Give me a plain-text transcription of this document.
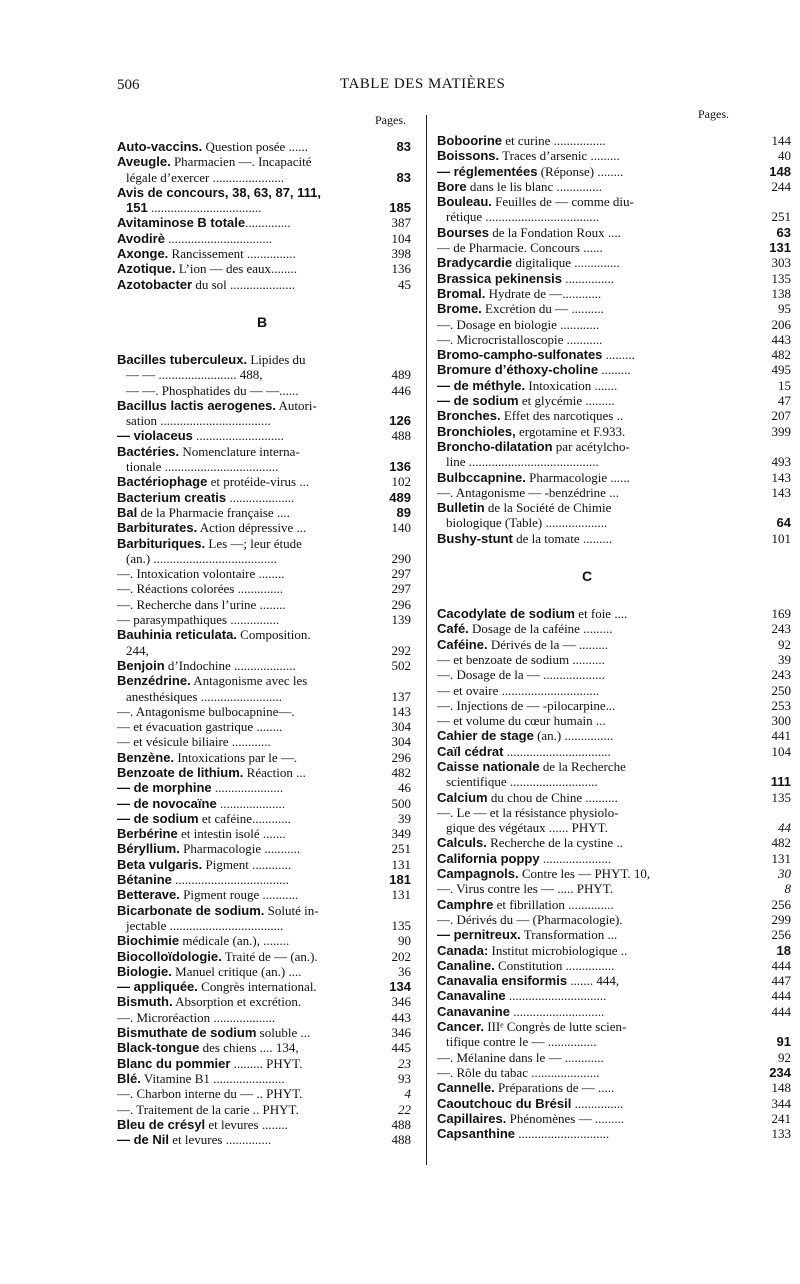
506	TABLE DES MATIÈRES
Pages.
Auto-vaccins. Question posée ......	83
Aveugle. Pharmacien —. Incapacité
légale d’exercer ......................	83
Avis de concours, 38, 63, 87, 111,
151 ..................................	185
Avitaminose B totale..............	387
Avodirè ................................	104
Axonge. Rancissement ...............	398
Azotique. L’ion — des eaux........	136
Azotobacter du sol ....................	45
B
Bacilles tuberculeux. Lipides du
— — ........................ 488,	489
— —. Phosphatides du — —......	446
Bacillus lactis aerogenes. Autori-
sation ..................................	126
— violaceus ...........................	488
Bactéries. Nomenclature interna-
tionale ...................................	136
Bactériophage et protéide-virus ...	102
Bacterium creatis ....................	489
Bal de la Pharmacie française ....	89
Barbiturates. Action dépressive ...	140
Barbituriques. Les —; leur étude
(an.) ......................................	290
—. Intoxication volontaire ........	297
—. Réactions colorées ..............	297
—. Recherche dans l’urine ........	296
— parasympathiques ...............	139
Bauhinia reticulata. Composition.
244,	292
Benjoin d’Indochine ...................	502
Benzédrine. Antagonisme avec les
anesthésiques .........................	137
—. Antagonisme bulbocapnine—.	143
— et évacuation gastrique ........	304
— et vésicule biliaire ............	304
Benzène. Intoxications par le —.	296
Benzoate de lithium. Réaction ...	482
— de morphine .....................	46
— de novocaïne ....................	500
— de sodium et caféine............	39
Berbérine et intestin isolé .......	349
Béryllium. Pharmacologie ...........	251
Beta vulgaris. Pigment ............	131
Bétanine ...................................	181
Betterave. Pigment rouge ...........	131
Bicarbonate de sodium. Soluté in-
jectable ...................................	135
Biochimie médicale (an.), ........	90
Biocolloïdologie. Traité de — (an.).	202
Biologie. Manuel critique (an.) ....	36
— appliquée. Congrès international.	134
Bismuth. Absorption et excrétion.	346
—. Microréaction ...................	443
Bismuthate de sodium soluble ...	346
Black-tongue des chiens .... 134,	445
Blanc du pommier ......... PHYT.	23
Blé. Vitamine B1 ......................	93
—. Charbon interne du — .. PHYT.	4
—. Traitement de la carie .. PHYT.	22
Bleu de crésyl et levures ........	488
— de Nil et levures ..............	488
Pages.
Boboorine et curine ................	144
Boissons. Traces d’arsenic .........	40
— réglementées (Réponse) ........	148
Bore dans le lis blanc ..............	244
Bouleau. Feuilles de — comme diu-
rétique ...................................	251
Bourses de la Fondation Roux ....	63
— de Pharmacie. Concours ......	131
Bradycardie digitalique ..............	303
Brassica pekinensis ...............	135
Bromal. Hydrate de —............	138
Brome. Excrétion du — ..........	95
—. Dosage en biologie ............	206
—. Microcristalloscopie ...........	443
Bromo-campho-sulfonates .........	482
Bromure d’éthoxy-choline .........	495
— de méthyle. Intoxication .......	15
— de sodium et glycémie .........	47
Bronches. Effet des narcotiques ..	207
Bronchioles, ergotamine et F.933.	399
Broncho-dilatation par acétylcho-
line ........................................	493
Bulbccapnine. Pharmacologie ......	143
—. Antagonisme — -benzédrine ...	143
Bulletin de la Société de Chimie
biologique (Table) ...................	64
Bushy-stunt de la tomate .........	101
C
Cacodylate de sodium et foie ....	169
Café. Dosage de la caféine .........	243
Caféine. Dérivés de la — .........	92
— et benzoate de sodium ..........	39
—. Dosage de la — ...................	243
— et ovaire ..............................	250
—. Injections de — -pilocarpine...	253
— et volume du cœur humain ...	300
Cahier de stage (an.) ...............	441
Caïl cédrat ................................	104
Caisse nationale de la Recherche
scientifique ...........................	111
Calcium du chou de Chine ..........	135
—. Le — et la résistance physiolo-
gique des végétaux ...... PHYT.	44
Calculs. Recherche de la cystine ..	482
California poppy .....................	131
Campagnols. Contre les — PHYT. 10,	30
—. Virus contre les — ..... PHYT.	8
Camphre et fibrillation ..............	256
—. Dérivés du — (Pharmacologie).	299
— pernitreux. Transformation ...	256
Canada: Institut microbiologique ..	18
Canaline. Constitution ...............	444
Canavalia ensiformis ....... 444,	447
Canavaline ..............................	444
Canavanine ............................	444
Cancer. IIIᵉ Congrès de lutte scien-
tifique contre le — ...............	91
—. Mélanine dans le — ............	92
—. Rôle du tabac .....................	234
Cannelle. Préparations de — .....	148
Caoutchouc du Brésil ...............	344
Capillaires. Phénomènes — .........	241
Capsanthine ............................	133
